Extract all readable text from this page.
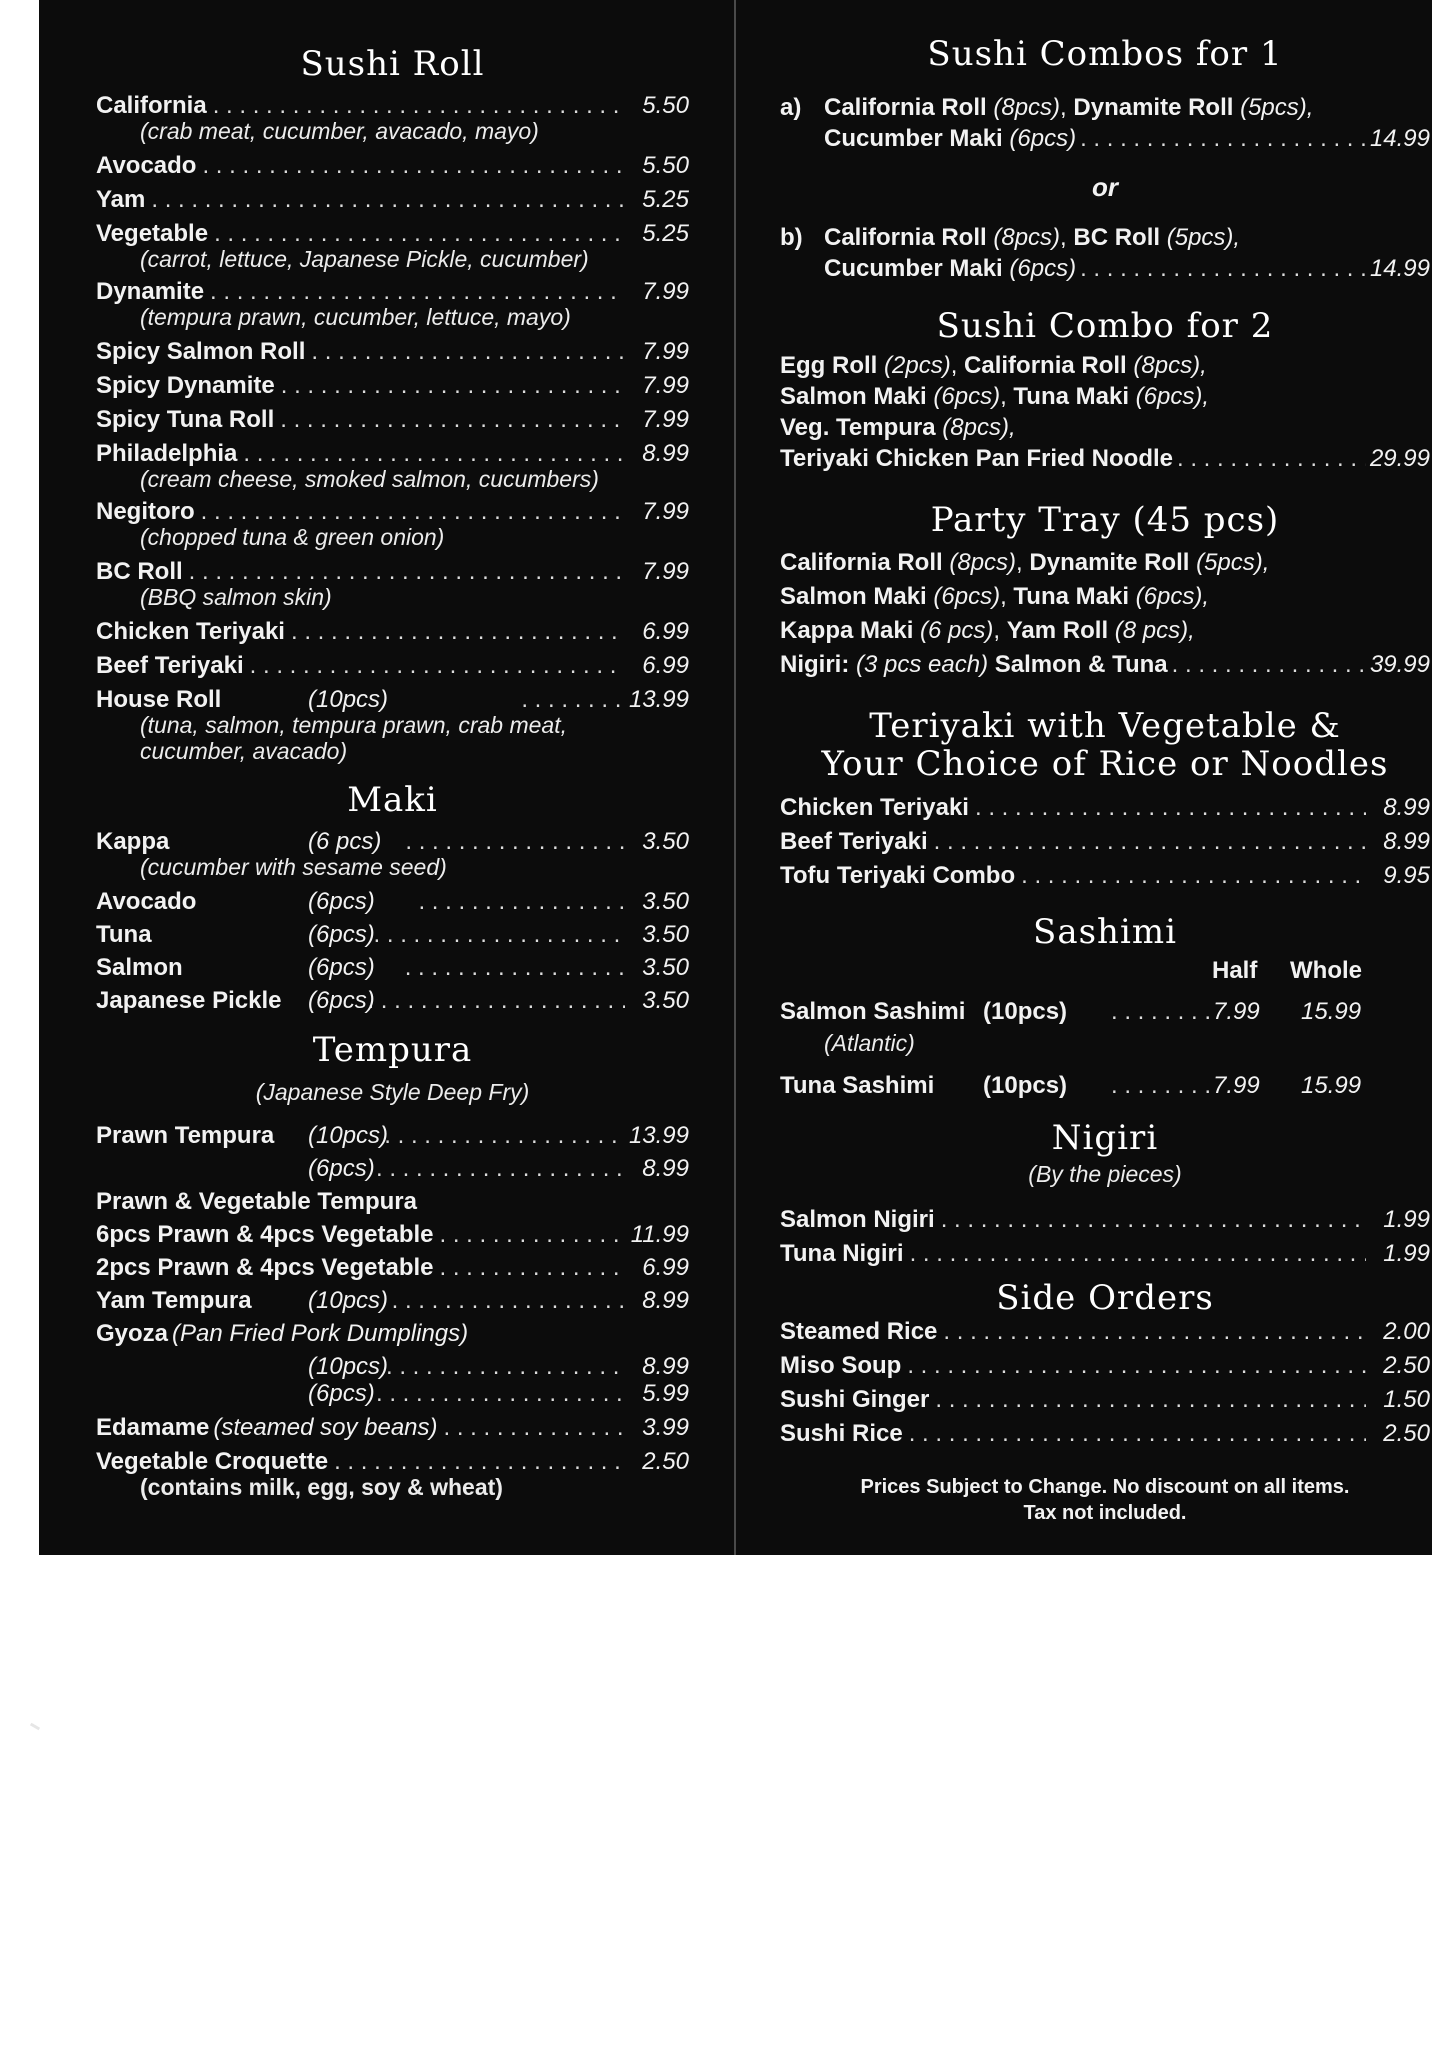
Sushi Roll
California . . .	5.50
(crab meat, cucumber, avacado, mayo)
Avocado . . .	5.50
Yam . . .	5.25
Vegetable . . .	5.25
(carrot, lettuce, Japanese Pickle, cucumber)
Dynamite . . .	7.99
(tempura prawn, cucumber, lettuce, mayo)
Spicy Salmon Roll . . .	7.99
Spicy Dynamite . . .	7.99
Spicy Tuna Roll . . .	7.99
Philadelphia . . .	8.99
(cream cheese, smoked salmon, cucumbers)
Negitoro . . .	7.99
(chopped tuna & green onion)
BC Roll . . .	7.99
(BBQ salmon skin)
Chicken Teriyaki . . .	6.99
Beef Teriyaki . . .	6.99
House Roll	(10pcs) . . .	13.99
(tuna, salmon, tempura prawn, crab meat,
cucumber, avacado)
Maki
Kappa	(6 pcs) . . .	3.50
(cucumber with sesame seed)
Avocado	(6pcs) . . .	3.50
Tuna	(6pcs) . . .	3.50
Salmon	(6pcs) . . .	3.50
Japanese Pickle (6pcs) . . .	3.50
Tempura
(Japanese Style Deep Fry)
Prawn Tempura (10pcs) . . .	13.99
(6pcs) . . .	8.99
Prawn & Vegetable Tempura
6pcs Prawn & 4pcs Vegetable . . .	11.99
2pcs Prawn & 4pcs Vegetable . . .	6.99
Yam Tempura (10pcs) . . .	8.99
Gyoza (Pan Fried Pork Dumplings)
(10pcs) . . .	8.99
(6pcs) . . .	5.99
Edamame (steamed soy beans) . . .	3.99
Vegetable Croquette . . .	2.50
(contains milk, egg, soy & wheat)
Sushi Combos for 1
a) California Roll
(8pcs) , Dynamite Roll
(5pcs),
Cucumber Maki
(6pcs) . . .	14.99
or
b) California Roll
(8pcs) , BC Roll
(5pcs),
Cucumber Maki
(6pcs) . . .	14.99
Sushi Combo for 2
Egg Roll
(2pcs) , California Roll
(8pcs),
Salmon Maki
(6pcs) , Tuna Maki
(6pcs),
Veg. Tempura
(8pcs),
Teriyaki Chicken Pan Fried Noodle . . .	29.99
Party Tray (45 pcs)
California Roll
(8pcs) , Dynamite Roll
(5pcs),
Salmon Maki
(6pcs) , Tuna Maki
(6pcs),
Kappa Maki
(6 pcs) , Yam Roll
(8 pcs),
Nigiri:
(3 pcs each)
Salmon & Tuna . . .	39.99
Teriyaki with Vegetable &
Your Choice of Rice or Noodles
Chicken Teriyaki . . .	8.99
Beef Teriyaki . . .	8.99
Tofu Teriyaki Combo . . .	9.95
Sashimi
Half Whole
Salmon Sashimi (10pcs) . . .	7.99 15.99
(Atlantic)
Tuna Sashimi (10pcs) . . .	7.99 15.99
Nigiri
(By the pieces)
Salmon Nigiri . . .	1.99
Tuna Nigiri . . .	1.99
Side Orders
Steamed Rice . . .	2.00
Miso Soup . . .	2.50
Sushi Ginger . . .	1.50
Sushi Rice . . .	2.50
Prices Subject to Change. No discount on all items.
Tax not included.
